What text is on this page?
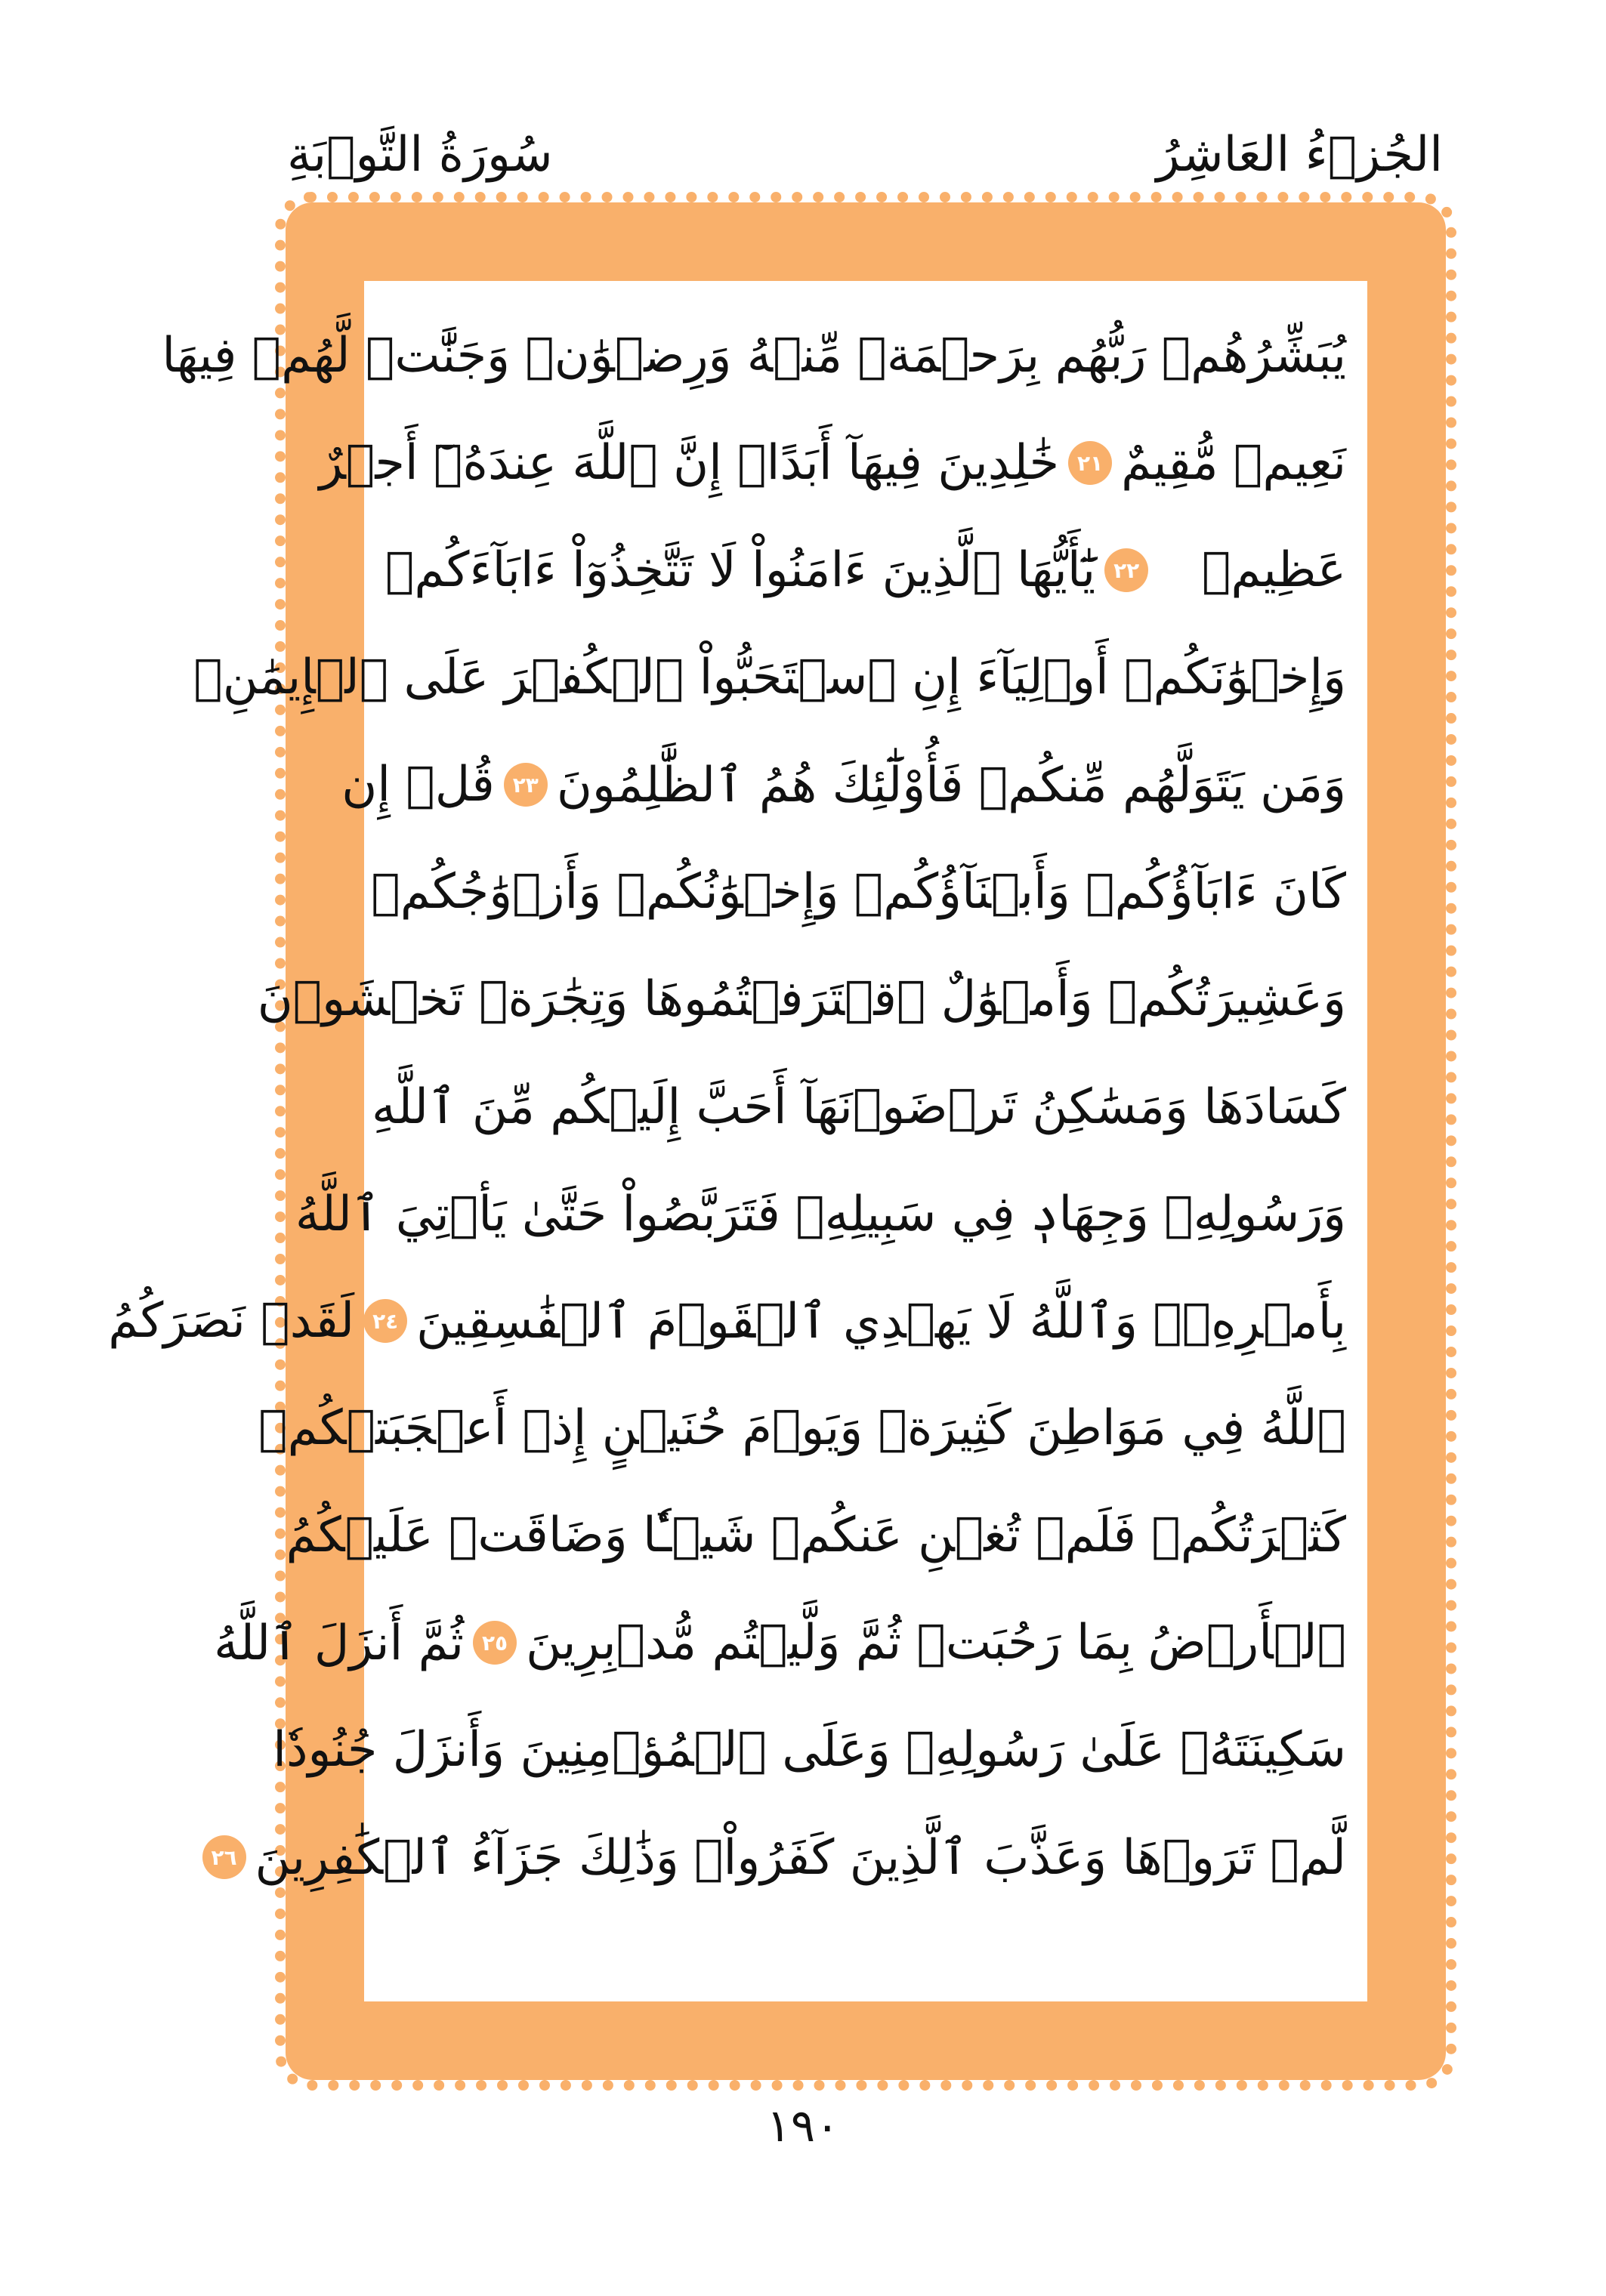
الجُزۡءُ العَاشِرُ
سُورَةُ التَّوۡبَةِ
يُبَشِّرُهُمۡ رَبُّهُم بِرَحۡمَةٖ مِّنۡهُ وَرِضۡوَٰنٖ وَجَنَّٰتٖ لَّهُمۡ فِيهَا
نَعِيمٞ مُّقِيمٌ
٢١
خَٰلِدِينَ فِيهَآ أَبَدًاۚ إِنَّ ٱللَّهَ عِندَهُۥٓ أَجۡرٌ
عَظِيمٞ
٢٢
يَٰٓأَيُّهَا ٱلَّذِينَ ءَامَنُواْ لَا تَتَّخِذُوٓاْ ءَابَآءَكُمۡ
وَإِخۡوَٰنَكُمۡ أَوۡلِيَآءَ إِنِ ٱسۡتَحَبُّواْ ٱلۡكُفۡرَ عَلَى ٱلۡإِيمَٰنِۚ
وَمَن يَتَوَلَّهُم مِّنكُمۡ فَأُوْلَٰٓئِكَ هُمُ ٱلظَّٰلِمُونَ
٢٣
قُلۡ إِن
كَانَ ءَابَآؤُكُمۡ وَأَبۡنَآؤُكُمۡ وَإِخۡوَٰنُكُمۡ وَأَزۡوَٰجُكُمۡ
وَعَشِيرَتُكُمۡ وَأَمۡوَٰلٌ ٱقۡتَرَفۡتُمُوهَا وَتِجَٰرَةٞ تَخۡشَوۡنَ
كَسَادَهَا وَمَسَٰكِنُ تَرۡضَوۡنَهَآ أَحَبَّ إِلَيۡكُم مِّنَ ٱللَّهِ
وَرَسُولِهِۦ وَجِهَادٖ فِي سَبِيلِهِۦ فَتَرَبَّصُواْ حَتَّىٰ يَأۡتِيَ ٱللَّهُ
بِأَمۡرِهِۦۗ وَٱللَّهُ لَا يَهۡدِي ٱلۡقَوۡمَ ٱلۡفَٰسِقِينَ
٢٤
لَقَدۡ نَصَرَكُمُ
ٱللَّهُ فِي مَوَاطِنَ كَثِيرَةٖ وَيَوۡمَ حُنَيۡنٍ إِذۡ أَعۡجَبَتۡكُمۡ
كَثۡرَتُكُمۡ فَلَمۡ تُغۡنِ عَنكُمۡ شَيۡـٔٗا وَضَاقَتۡ عَلَيۡكُمُ
ٱلۡأَرۡضُ بِمَا رَحُبَتۡ ثُمَّ وَلَّيۡتُم مُّدۡبِرِينَ
٢٥
ثُمَّ أَنزَلَ ٱللَّهُ
سَكِينَتَهُۥ عَلَىٰ رَسُولِهِۦ وَعَلَى ٱلۡمُؤۡمِنِينَ وَأَنزَلَ جُنُودٗا
لَّمۡ تَرَوۡهَا وَعَذَّبَ ٱلَّذِينَ كَفَرُواْۚ وَذَٰلِكَ جَزَآءُ ٱلۡكَٰفِرِينَ
٢٦
١٩٠
